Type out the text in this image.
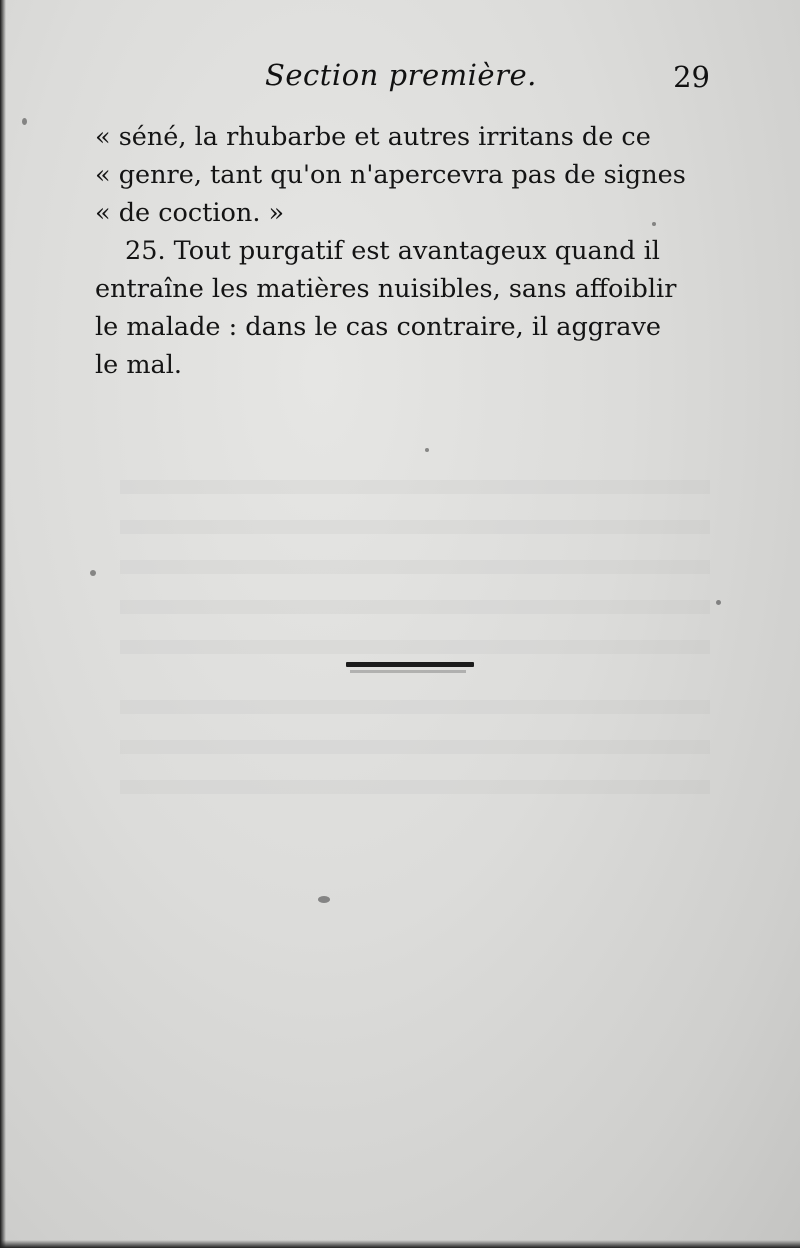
Section première.	29
« séné, la rhubarbe et autres irritans de ce
« genre, tant qu'on n'apercevra pas de signes
« de coction. »
25. Tout purgatif est avantageux quand il
entraîne les matières nuisibles, sans affoiblir
le malade : dans le cas contraire, il aggrave
le mal.
